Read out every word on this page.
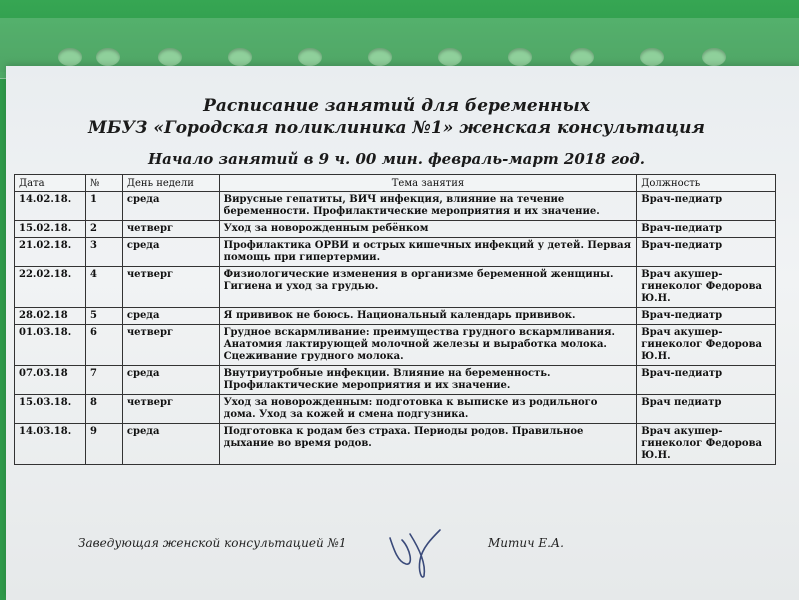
Расписание занятий для беременных
МБУЗ «Городская поликлиника №1» женская консультация
Начало занятий в 9 ч. 00 мин. февраль-март 2018 год.
Дата	№	День недели	Тема занятия	Должность
14.02.18.	1	среда	Вирусные гепатиты, ВИЧ инфекция, влияние на течение беременности. Профилактические мероприятия и их значение.	Врач-педиатр
15.02.18.	2	четверг	Уход за новорожденным ребёнком	Врач-педиатр
21.02.18.	3	среда	Профилактика ОРВИ и острых кишечных инфекций у детей. Первая помощь при гипертермии.	Врач-педиатр
22.02.18.	4	четверг	Физиологические изменения в организме беременной женщины. Гигиена и уход за грудью.	Врач акушер-гинеколог Федорова Ю.Н.
28.02.18	5	среда	Я прививок не боюсь. Национальный календарь прививок.	Врач-педиатр
01.03.18.	6	четверг	Грудное вскармливание: преимущества грудного вскармливания. Анатомия лактирующей молочной железы и выработка молока. Сцеживание грудного молока.	Врач акушер-гинеколог Федорова Ю.Н.
07.03.18	7	среда	Внутриутробные инфекции. Влияние на беременность. Профилактические мероприятия и их значение.	Врач-педиатр
15.03.18.	8	четверг	Уход за новорожденным: подготовка к выписке из родильного дома. Уход за кожей и смена подгузника.	Врач педиатр
14.03.18.	9	среда	Подготовка к родам без страха. Периоды родов. Правильное дыхание во время родов.	Врач акушер-гинеколог Федорова Ю.Н.
Заведующая женской консультацией №1	Митич Е.А.
